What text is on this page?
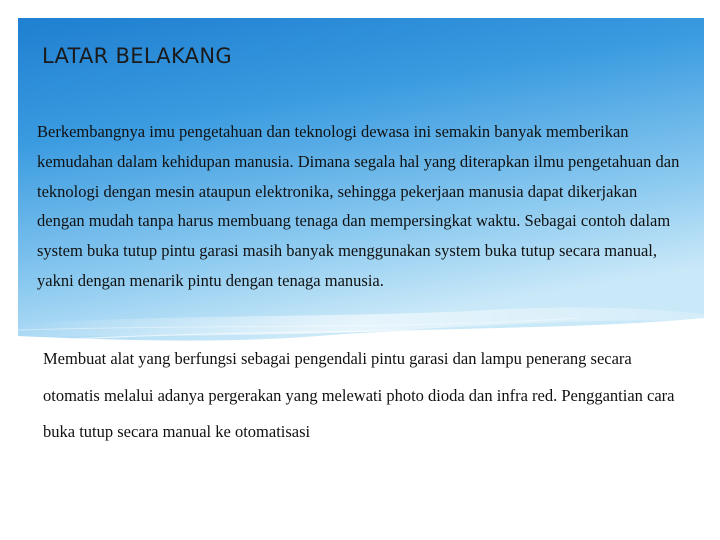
LATAR BELAKANG

Berkembangnya imu pengetahuan dan teknologi dewasa ini semakin banyak memberikan kemudahan dalam kehidupan manusia. Dimana segala hal yang diterapkan ilmu pengetahuan dan teknologi dengan mesin ataupun elektronika, sehingga pekerjaan manusia dapat dikerjakan dengan mudah tanpa harus membuang tenaga dan mempersingkat waktu. Sebagai contoh dalam system buka tutup pintu garasi masih banyak menggunakan system buka tutup secara manual, yakni dengan menarik pintu dengan tenaga manusia.

Membuat alat yang berfungsi sebagai pengendali pintu garasi dan lampu penerang secara otomatis melalui adanya pergerakan yang melewati photo dioda dan infra red. Penggantian cara buka tutup secara manual ke otomatisasi
